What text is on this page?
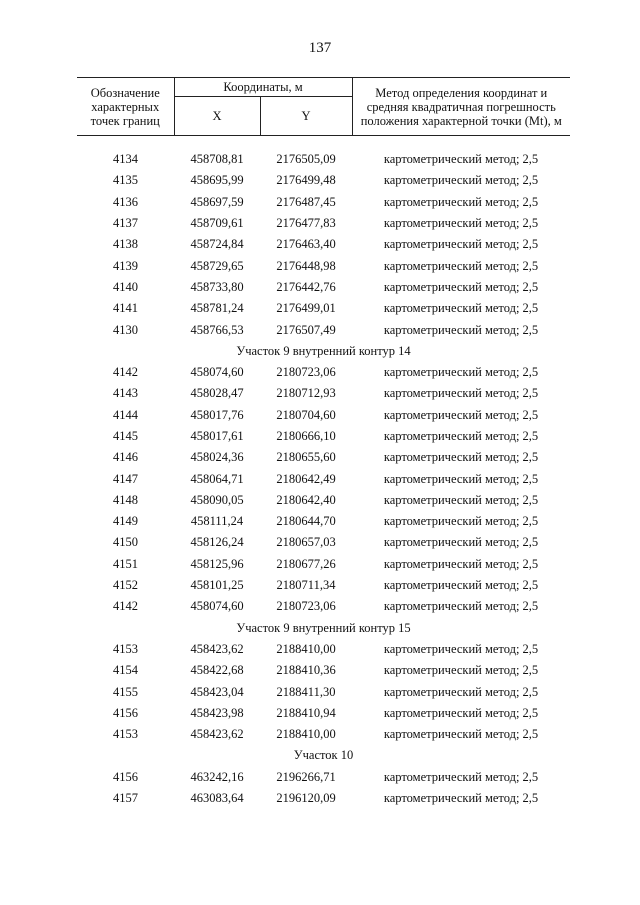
137
Обозначение характерных точек границ	Координаты, м		Метод определения координат и средняя квадратичная погрешность положения характерной точки (Mt), м
	X	Y	

4134	458708,81	2176505,09	картометрический метод; 2,5
4135	458695,99	2176499,48	картометрический метод; 2,5
4136	458697,59	2176487,45	картометрический метод; 2,5
4137	458709,61	2176477,83	картометрический метод; 2,5
4138	458724,84	2176463,40	картометрический метод; 2,5
4139	458729,65	2176448,98	картометрический метод; 2,5
4140	458733,80	2176442,76	картометрический метод; 2,5
4141	458781,24	2176499,01	картометрический метод; 2,5
4130	458766,53	2176507,49	картометрический метод; 2,5
Участок 9 внутренний контур 14			
4142	458074,60	2180723,06	картометрический метод; 2,5
4143	458028,47	2180712,93	картометрический метод; 2,5
4144	458017,76	2180704,60	картометрический метод; 2,5
4145	458017,61	2180666,10	картометрический метод; 2,5
4146	458024,36	2180655,60	картометрический метод; 2,5
4147	458064,71	2180642,49	картометрический метод; 2,5
4148	458090,05	2180642,40	картометрический метод; 2,5
4149	458111,24	2180644,70	картометрический метод; 2,5
4150	458126,24	2180657,03	картометрический метод; 2,5
4151	458125,96	2180677,26	картометрический метод; 2,5
4152	458101,25	2180711,34	картометрический метод; 2,5
4142	458074,60	2180723,06	картометрический метод; 2,5
Участок 9 внутренний контур 15			
4153	458423,62	2188410,00	картометрический метод; 2,5
4154	458422,68	2188410,36	картометрический метод; 2,5
4155	458423,04	2188411,30	картометрический метод; 2,5
4156	458423,98	2188410,94	картометрический метод; 2,5
4153	458423,62	2188410,00	картометрический метод; 2,5
Участок 10			
4156	463242,16	2196266,71	картометрический метод; 2,5
4157	463083,64	2196120,09	картометрический метод; 2,5
